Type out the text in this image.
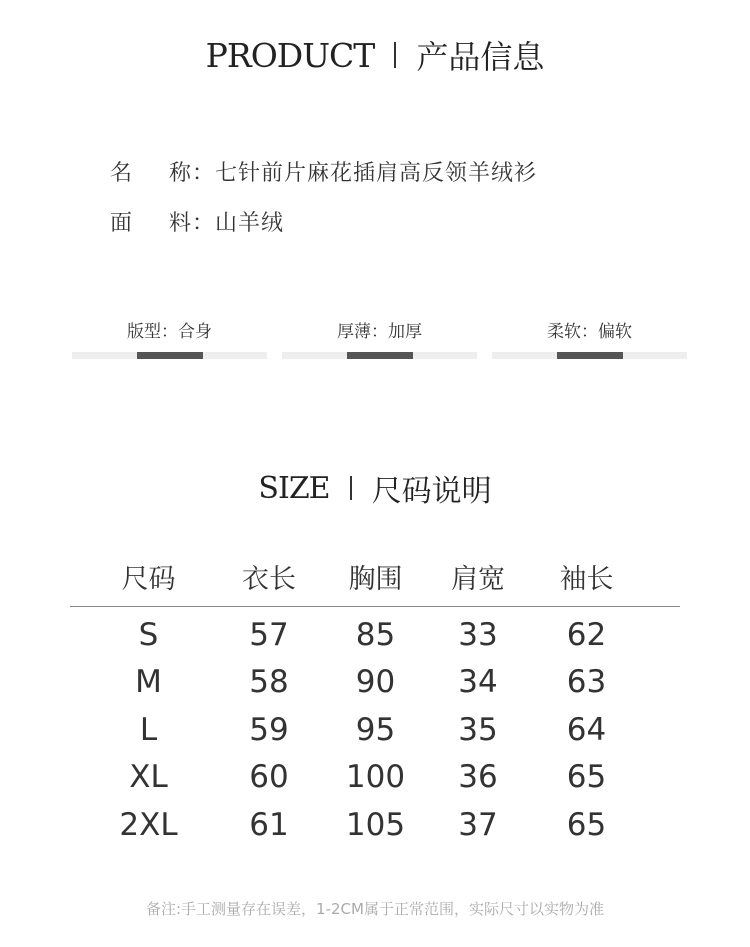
PRODUCT 产品信息
名 称 ： 七针前片麻花插肩高反领羊绒衫
面 料 ： 山羊绒
版型：合身	厚薄：加厚	柔软：偏软
SIZE 尺码说明
尺码	衣长	胸围	肩宽	袖长
S	57	85	33	62
M	58	90	34	63
L	59	95	35	64
XL	60	100	36	65
2XL	61	105	37	65
备注:手工测量存在误差，1-2CM属于正常范围，实际尺寸以实物为准
